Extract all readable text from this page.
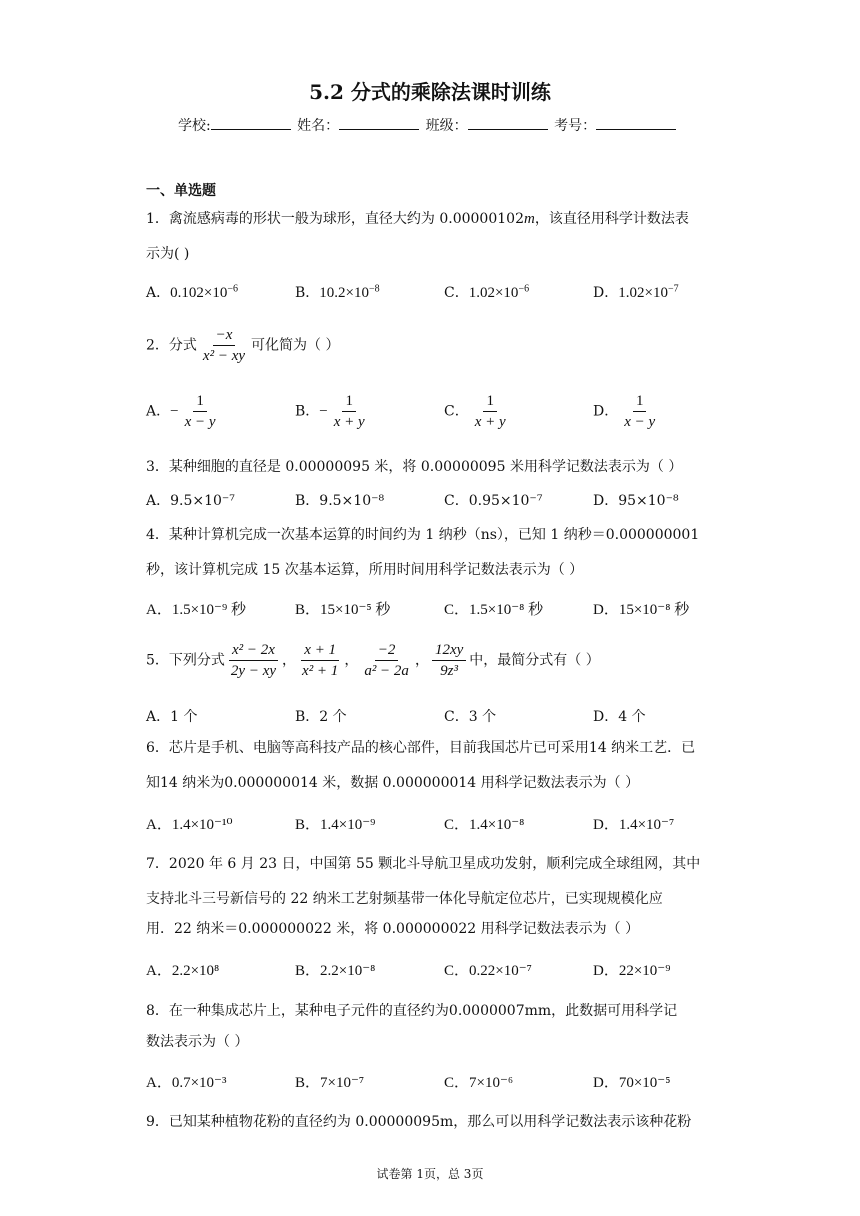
5.2 分式的乘除法课时训练
学校:	姓名：	班级：	考号：
一、单选题
1．禽流感病毒的形状一般为球形，直径大约为 0.00000102m，该直径用科学计数法表
示为( )
A．$0.102\times 10^{-6}$	B．$10.2\times 10^{-8}$	C．$1.02\times 10^{-6}$	D．$1.02\times 10^{-7}$
2．分式 $\frac{-x}{\text{x² − xy}}$ 可化简为（ ）
A．− $\frac{1}{x - y}$	B．− $\frac{1}{x + y}$	C． $\frac{1}{x + y}$	D． $\frac{1}{x - y}$
3．某种细胞的直径是 0.00000095 米，将 0.00000095 米用科学记数法表示为（ ）
A．9.5×10⁻⁷	B．9.5×10⁻⁸	C．0.95×10⁻⁷	D．95×10⁻⁸
4．某种计算机完成一次基本运算的时间约为 1 纳秒（ns），已知 1 纳秒＝0.000000001
秒，该计算机完成 15 次基本运算，所用时间用科学记数法表示为（ ）
A．1.5×10⁻⁹ 秒	B．15×10⁻⁵ 秒	C．1.5×10⁻⁸ 秒	D．15×10⁻⁸ 秒
5．下列分式 $\frac{\text{x² − 2x}}{2y - xy}$ ， $\frac{x + 1}{\text{x² + 1}}$ ， $\frac{-2}{\text{a² − 2a}}$ ， $\frac{12xy}{\text{9z³}}$ 中，最简分式有（ ）
A．1 个	B．2 个	C．3 个	D．4 个
6．芯片是手机、电脑等高科技产品的核心部件，目前我国芯片已可采用14 纳米工艺．已
知14 纳米为0.000000014 米，数据 0.000000014 用科学记数法表示为（ ）
A．1.4×10⁻¹⁰	B．1.4×10⁻⁹	C．1.4×10⁻⁸	D．1.4×10⁻⁷
7．2020 年 6 月 23 日，中国第 55 颗北斗导航卫星成功发射，顺利完成全球组网，其中
支持北斗三号新信号的 22 纳米工艺射频基带一体化导航定位芯片，已实现规模化应
用．22 纳米＝0.000000022 米，将 0.000000022 用科学记数法表示为（ ）
A．2.2×10⁸	B．2.2×10⁻⁸	C．0.22×10⁻⁷	D．22×10⁻⁹
8．在一种集成芯片上，某种电子元件的直径约为0.0000007mm，此数据可用科学记
数法表示为（ ）
A．0.7×10⁻³	B．7×10⁻⁷	C．7×10⁻⁶	D．70×10⁻⁵
9．已知某种植物花粉的直径约为 0.00000095m，那么可以用科学记数法表示该种花粉
试卷第 1页，总 3页
